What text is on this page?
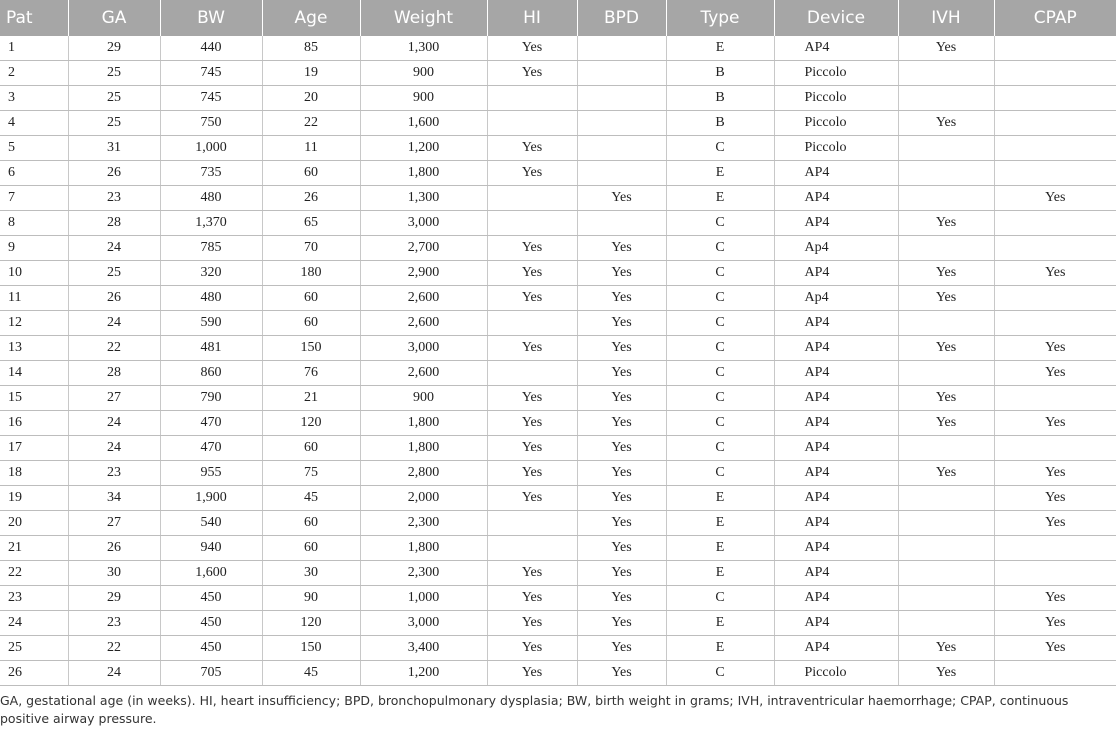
Pat	GA	BW	Age	Weight	HI	BPD	Type	Device	IVH	CPAP
1	29	440	85	1,300	Yes		E	AP4	Yes	
2	25	745	19	900	Yes		B	Piccolo		
3	25	745	20	900			B	Piccolo		
4	25	750	22	1,600			B	Piccolo	Yes	
5	31	1,000	11	1,200	Yes		C	Piccolo		
6	26	735	60	1,800	Yes		E	AP4		
7	23	480	26	1,300		Yes	E	AP4		Yes
8	28	1,370	65	3,000			C	AP4	Yes	
9	24	785	70	2,700	Yes	Yes	C	Ap4		
10	25	320	180	2,900	Yes	Yes	C	AP4	Yes	Yes
11	26	480	60	2,600	Yes	Yes	C	Ap4	Yes	
12	24	590	60	2,600		Yes	C	AP4		
13	22	481	150	3,000	Yes	Yes	C	AP4	Yes	Yes
14	28	860	76	2,600		Yes	C	AP4		Yes
15	27	790	21	900	Yes	Yes	C	AP4	Yes	
16	24	470	120	1,800	Yes	Yes	C	AP4	Yes	Yes
17	24	470	60	1,800	Yes	Yes	C	AP4		
18	23	955	75	2,800	Yes	Yes	C	AP4	Yes	Yes
19	34	1,900	45	2,000	Yes	Yes	E	AP4		Yes
20	27	540	60	2,300		Yes	E	AP4		Yes
21	26	940	60	1,800		Yes	E	AP4		
22	30	1,600	30	2,300	Yes	Yes	E	AP4		
23	29	450	90	1,000	Yes	Yes	C	AP4		Yes
24	23	450	120	3,000	Yes	Yes	E	AP4		Yes
25	22	450	150	3,400	Yes	Yes	E	AP4	Yes	Yes
26	24	705	45	1,200	Yes	Yes	C	Piccolo	Yes	

GA, gestational age (in weeks). HI, heart insufficiency; BPD, bronchopulmonary dysplasia; BW, birth weight in grams; IVH, intraventricular haemorrhage; CPAP, continuous positive airway pressure.
